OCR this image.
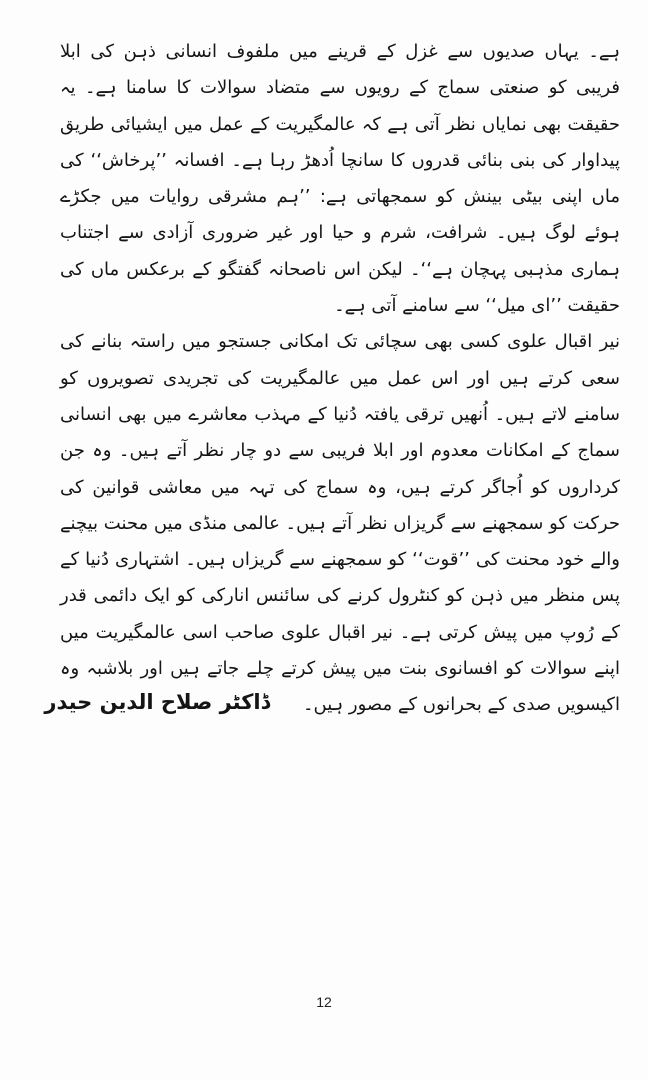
ہے۔ یہاں صدیوں سے غزل کے قرینے میں ملفوف انسانی ذہن کی ابلا فریبی کو صنعتی سماج کے رویوں سے متضاد سوالات کا سامنا ہے۔ یہ حقیقت بھی نمایاں نظر آتی ہے کہ عالمگیریت کے عمل میں ایشیائی طریق پیداوار کی بنی بنائی قدروں کا سانچا اُدھڑ رہا ہے۔ افسانہ ’’پرخاش‘‘ کی ماں اپنی بیٹی بینش کو سمجھاتی ہے: ’’ہم مشرقی روایات میں جکڑے ہوئے لوگ ہیں۔ شرافت، شرم و حیا اور غیر ضروری آزادی سے اجتناب ہماری مذہبی پہچان ہے‘‘۔ لیکن اس ناصحانہ گفتگو کے برعکس ماں کی حقیقت ’’ای میل‘‘ سے سامنے آتی ہے۔

نیر اقبال علوی کسی بھی سچائی تک امکانی جستجو میں راستہ بنانے کی سعی کرتے ہیں اور اس عمل میں عالمگیریت کی تجریدی تصویروں کو سامنے لاتے ہیں۔ اُنھیں ترقی یافتہ دُنیا کے مہذب معاشرے میں بھی انسانی سماج کے امکانات معدوم اور ابلا فریبی سے دو چار نظر آتے ہیں۔ وہ جن کرداروں کو اُجاگر کرتے ہیں، وہ سماج کی تہہ میں معاشی قوانین کی حرکت کو سمجھنے سے گریزاں نظر آتے ہیں۔ عالمی منڈی میں محنت بیچنے والے خود محنت کی ’’قوت‘‘ کو سمجھنے سے گریزاں ہیں۔ اشتہاری دُنیا کے پس منظر میں ذہن کو کنٹرول کرنے کی سائنس انارکی کو ایک دائمی قدر کے رُوپ میں پیش کرتی ہے۔ نیر اقبال علوی صاحب اسی عالمگیریت میں اپنے سوالات کو افسانوی بنت میں پیش کرتے چلے جاتے ہیں اور بلاشبہ وہ اکیسویں صدی کے بحرانوں کے مصور ہیں۔

ڈاکٹر صلاح الدین حیدر
12
